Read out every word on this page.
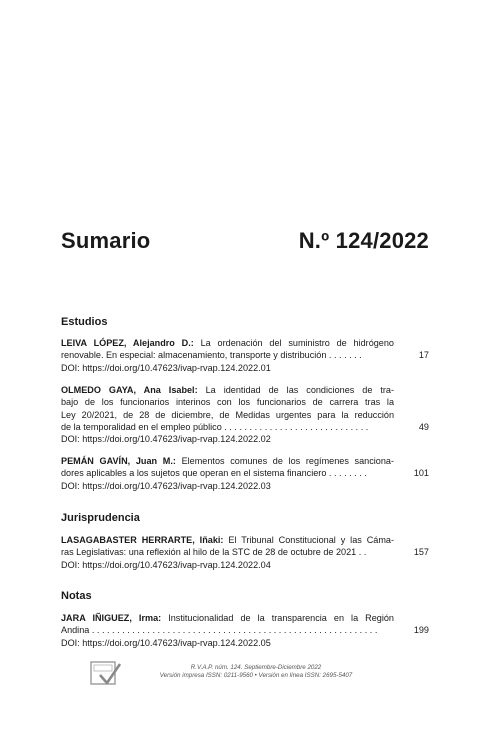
Sumario	N.º 124/2022
Estudios
LEIVA LÓPEZ, Alejandro D.: La ordenación del suministro de hidrógeno
renovable. En especial: almacenamiento, transporte y distribución . . . . . . .
DOI: https://doi.org/10.47623/ivap-rvap.124.2022.01
17
OLMEDO GAYA, Ana Isabel: La identidad de las condiciones de tra-
bajo de los funcionarios interinos con los funcionarios de carrera tras la
Ley 20/2021, de 28 de diciembre, de Medidas urgentes para la reducción
de la temporalidad en el empleo público . . . . . . . . . . . . . . . . . . . . . . . . . . . . .
DOI: https://doi.org/10.47623/ivap-rvap.124.2022.02
49
PEMÁN GAVÍN, Juan M.: Elementos comunes de los regímenes sanciona-
dores aplicables a los sujetos que operan en el sistema financiero . . . . . . . .
DOI: https://doi.org/10.47623/ivap-rvap.124.2022.03
101
Jurisprudencia
LASAGABASTER HERRARTE, Iñaki: El Tribunal Constitucional y las Cáma-
ras Legislativas: una reflexión al hilo de la STC de 28 de octubre de 2021 . .
DOI: https://doi.org/10.47623/ivap-rvap.124.2022.04
157
Notas
JARA IÑIGUEZ, Irma: Institucionalidad de la transparencia en la Región
Andina . . . . . . . . . . . . . . . . . . . . . . . . . . . . . . . . . . . . . . . . . . . . . . . . . . . . . . . . .
DOI: https://doi.org/10.47623/ivap-rvap.124.2022.05
199
R.V.A.P. núm. 124. Septiembre-Diciembre 2022
Versión impresa ISSN: 0211-9560 • Versión en línea ISSN: 2695-5407
